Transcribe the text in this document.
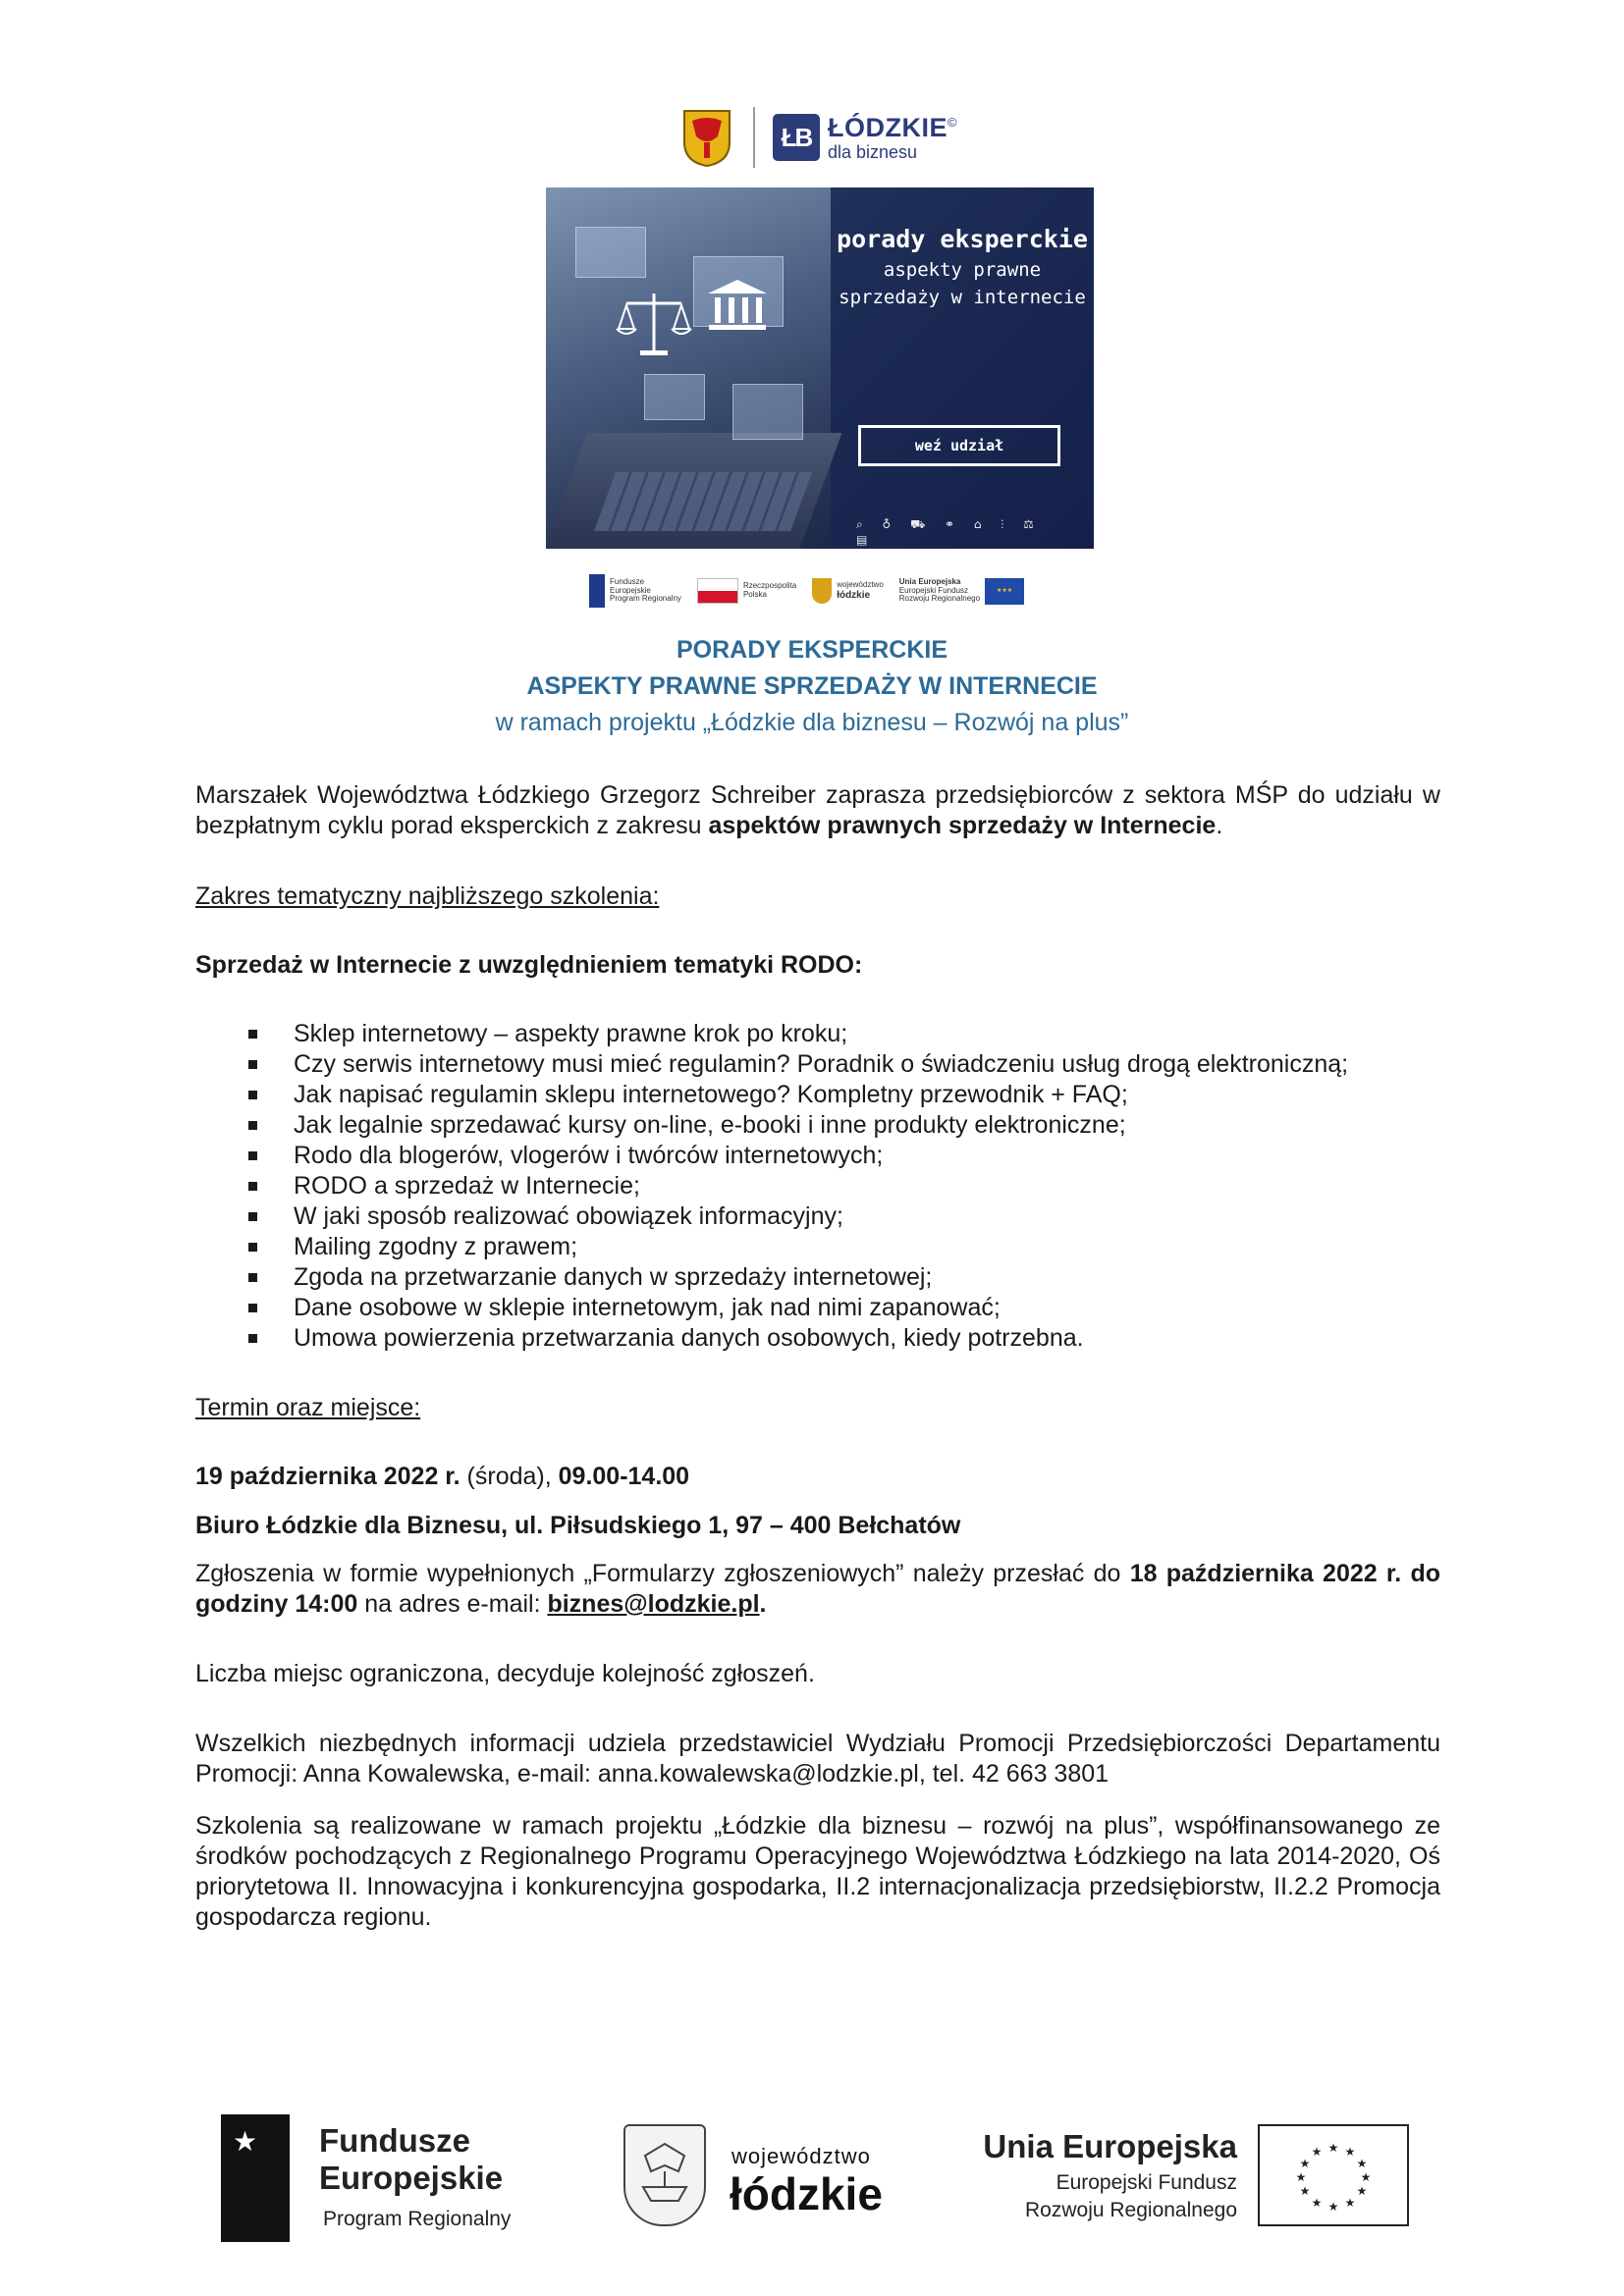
ŁB ŁÓDZKIE©
dla biznesu
porady eksperckie
aspekty prawne
sprzedaży w internecie
weź udział
⌕ ♁ ⛟ ⚭ ⌂ ⫶ ⚖ ▤
Fundusze
Europejskie
Program Regionalny
Rzeczpospolita
Polska
województwo
łódzkie
Unia Europejska
Europejski Fundusz
Rozwoju Regionalnego
★★★
PORADY EKSPERCKIE
ASPEKTY PRAWNE SPRZEDAŻY W INTERNECIE
w ramach projektu „Łódzkie dla biznesu – Rozwój na plus”

Marszałek Województwa Łódzkiego Grzegorz Schreiber zaprasza przedsiębiorców z sektora MŚP do udziału w bezpłatnym cyklu porad eksperckich z zakresu aspektów prawnych sprzedaży w Internecie.

Zakres tematyczny najbliższego szkolenia:

Sprzedaż w Internecie z uwzględnieniem tematyki RODO:

Sklep internetowy – aspekty prawne krok po kroku;
Czy serwis internetowy musi mieć regulamin? Poradnik o świadczeniu usług drogą elektroniczną;
Jak napisać regulamin sklepu internetowego? Kompletny przewodnik + FAQ;
Jak legalnie sprzedawać kursy on-line, e-booki i inne produkty elektroniczne;
Rodo dla blogerów, vlogerów i twórców internetowych;
RODO a sprzedaż w Internecie;
W jaki sposób realizować obowiązek informacyjny;
Mailing zgodny z prawem;
Zgoda na przetwarzanie danych w sprzedaży internetowej;
Dane osobowe w sklepie internetowym, jak nad nimi zapanować;
Umowa powierzenia przetwarzania danych osobowych, kiedy potrzebna.

Termin oraz miejsce:

19 października 2022 r. (środa), 09.00-14.00

Biuro Łódzkie dla Biznesu, ul. Piłsudskiego 1, 97 – 400 Bełchatów

Zgłoszenia w formie wypełnionych „Formularzy zgłoszeniowych” należy przesłać do 18 października 2022 r. do godziny 14:00 na adres e-mail: biznes@lodzkie.pl.

Liczba miejsc ograniczona, decyduje kolejność zgłoszeń.

Wszelkich niezbędnych informacji udziela przedstawiciel Wydziału Promocji Przedsiębiorczości Departamentu Promocji: Anna Kowalewska, e-mail: anna.kowalewska@lodzkie.pl, tel. 42 663 3801

Szkolenia są realizowane w ramach projektu „Łódzkie dla biznesu – rozwój na plus”, współfinansowanego ze środków pochodzących z Regionalnego Programu Operacyjnego Województwa Łódzkiego na lata 2014-2020, Oś priorytetowa II. Innowacyjna i konkurencyjna gospodarka, II.2 internacjonalizacja przedsiębiorstw, II.2.2 Promocja gospodarcza regionu.

★ Fundusze
Europejskie
Program Regionalny
województwo
łódzkie
Unia Europejska
Europejski Fundusz
Rozwoju Regionalnego
★ ★
★
★
★
★
★
★
★
★
★
★
